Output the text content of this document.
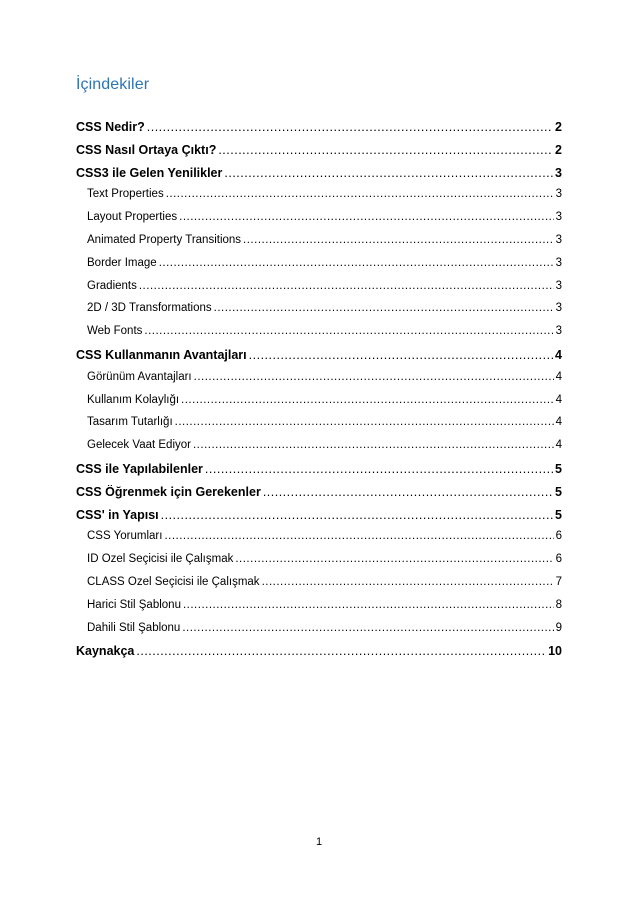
İçindekiler
CSS Nedir? .....	2
CSS Nasıl Ortaya Çıktı? .....	2
CSS3 ile Gelen Yenilikler .....	3
Text Properties .....	3
Layout Properties .....	3
Animated Property Transitions .....	3
Border Image .....	3
Gradients .....	3
2D / 3D Transformations .....	3
Web Fonts .....	3
CSS Kullanmanın Avantajları .....	4
Görünüm Avantajları .....	4
Kullanım Kolaylığı .....	4
Tasarım Tutarlığı .....	4
Gelecek Vaat Ediyor .....	4
CSS ile Yapılabilenler .....	5
CSS Öğrenmek için Gerekenler .....	5
CSS' in Yapısı .....	5
CSS Yorumları .....	6
ID Özel Seçicisi ile Çalışmak .....	6
CLASS Özel Seçicisi ile Çalışmak .....	7
Harici Stil Şablonu .....	8
Dahili Stil Şablonu .....	9
Kaynakça .....	10
1
